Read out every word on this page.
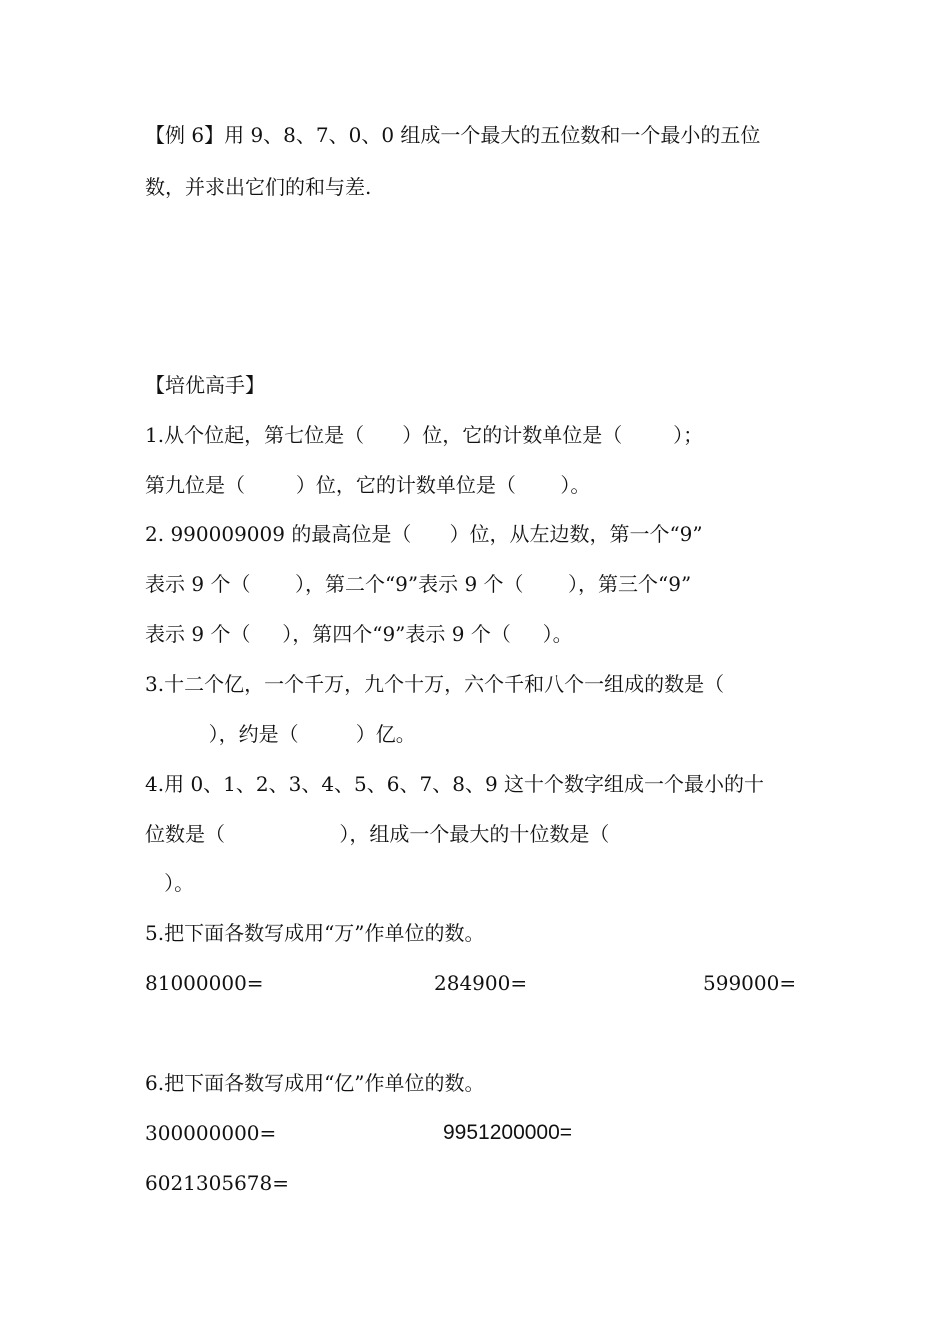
【例 6】用 9、8、7、0、0 组成一个最大的五位数和一个最小的五位
数，并求出它们的和与差.
【培优高手】
1.从个位起，第七位是（      ）位，它的计数单位是（        ）；
第九位是（        ）位，它的计数单位是（       ）。
2. 990009009 的最高位是（      ）位，从左边数，第一个“9”
表示 9 个（       ），第二个“9”表示 9 个（       ），第三个“9”
表示 9 个（     ），第四个“9”表示 9 个（     ）。
3.十二个亿，一个千万，九个十万，六个千和八个一组成的数是（
），约是（         ）亿。
4.用 0、1、2、3、4、5、6、7、8、9 这十个数字组成一个最小的十
位数是（                  ），组成一个最大的十位数是（
）。
5.把下面各数写成用“万”作单位的数。
81000000=	284900=	599000=
6.把下面各数写成用“亿”作单位的数。
300000000=	9951200000=
6021305678=
